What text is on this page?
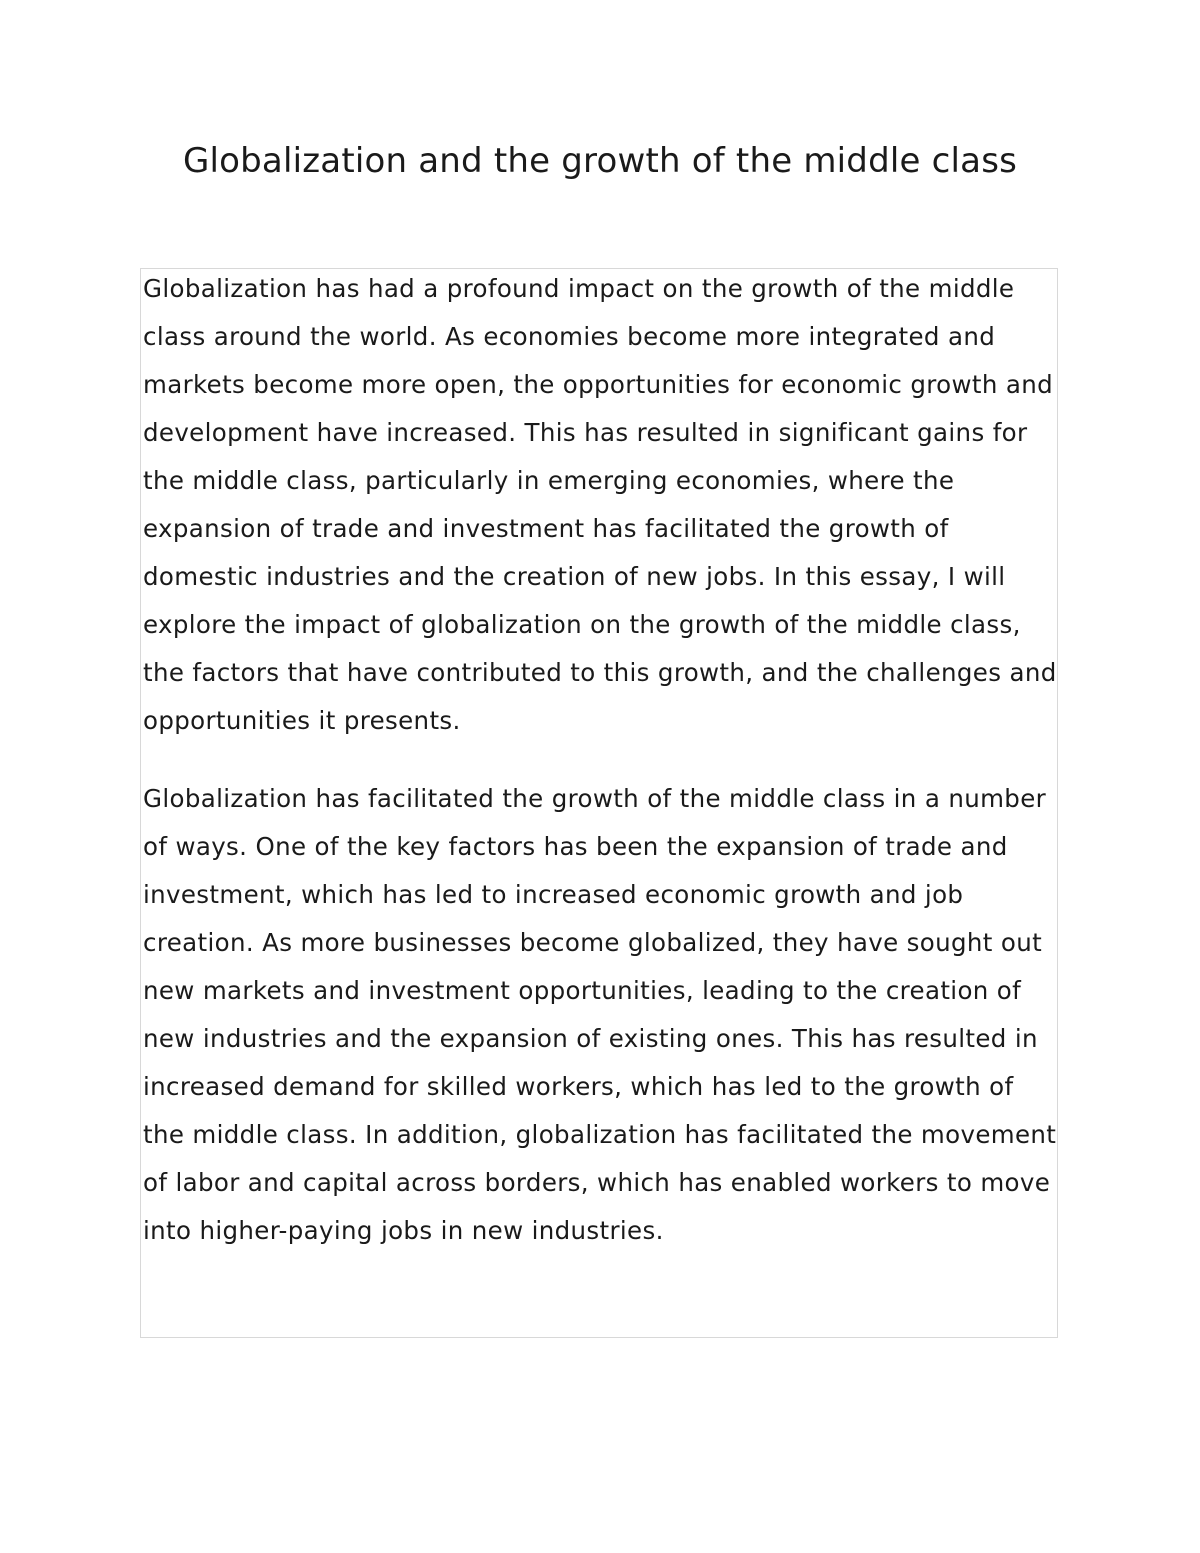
Globalization and the growth of the middle class

Globalization has had a profound impact on the growth of the middle class around the world. As economies become more integrated and markets become more open, the opportunities for economic growth and development have increased. This has resulted in significant gains for the middle class, particularly in emerging economies, where the expansion of trade and investment has facilitated the growth of domestic industries and the creation of new jobs. In this essay, I will explore the impact of globalization on the growth of the middle class, the factors that have contributed to this growth, and the challenges and opportunities it presents.

Globalization has facilitated the growth of the middle class in a number of ways. One of the key factors has been the expansion of trade and investment, which has led to increased economic growth and job creation. As more businesses become globalized, they have sought out new markets and investment opportunities, leading to the creation of new industries and the expansion of existing ones. This has resulted in increased demand for skilled workers, which has led to the growth of the middle class. In addition, globalization has facilitated the movement of labor and capital across borders, which has enabled workers to move into higher-paying jobs in new industries.
